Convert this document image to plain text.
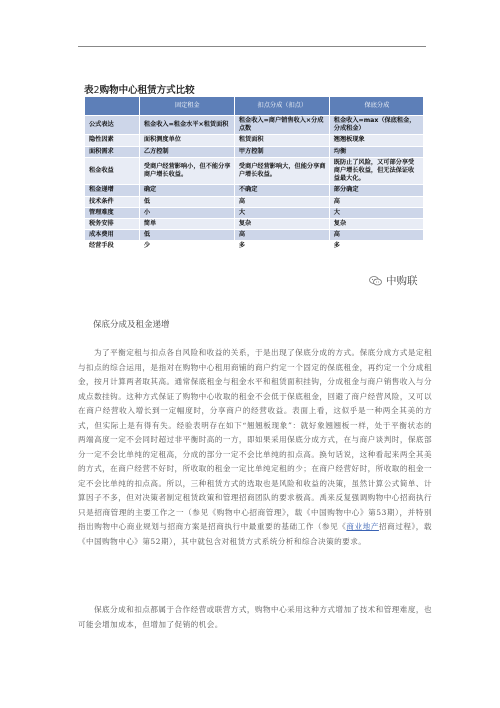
表2购物中心租赁方式比较
	固定租金	扣点分成（扣点）	保底分成
公式表达	租金收入=租金水平×租赁面积	租金收入=商户销售收入×分成点数	租金收入=max（保底租金，分成租金）
隐性因素	面积测度单位	租赁面积	翘翘板现象
面积需求	乙方控制	甲方控制	均衡
租金收益	受商户经营影响小，但不能分享商户增长收益。	受商户经营影响大，但能分享商户增长收益。	既防止了风险，又可部分享受商户增长收益，但无法保证收益最大化。
租金递增	确定	不确定	部分确定
技术条件	低	高	高
管理难度	小	大	大
税务安排	简单	复杂	复杂
成本费用	低	高	高
经营手段	少	多	多
中购联
保底分成及租金递增
为了平衡定租与扣点各自风险和收益的关系，于是出现了保底分成的方式。保底分成方式是定租与扣点的综合运用，是指对在购物中心租用商铺的商户约定一个固定的保底租金，再约定一个分成租金，按月计算两者取其高。通常保底租金与租金水平和租赁面积挂钩，分成租金与商户销售收入与分成点数挂钩。这种方式保证了购物中心收取的租金不会低于保底租金，回避了商户经营风险，又可以在商户经营收入增长到一定幅度时，分享商户的经营收益。表面上看，这似乎是一种两全其美的方式，但实际上是有得有失。经验表明存在如下“翘翘板现象”：就好象翘翘板一样，处于平衡状态的两端高度一定不会同时超过非平衡时高的一方，即如果采用保底分成方式，在与商户谈判时，保底部分一定不会比单纯的定租高，分成的部分一定不会比单纯的扣点高。换句话说，这种看起来两全其美的方式，在商户经营不好时，所收取的租金一定比单纯定租的少；在商户经营好时，所收取的租金一定不会比单纯的扣点高。所以，三种租赁方式的选取也是风险和收益的决策，虽然计算公式简单、计算因子不多，但对决策者制定租赁政策和管理招商团队的要求极高。禹来反复强调购物中心招商执行只是招商管理的主要工作之一（参见《购物中心招商管理》，载《中国购物中心》第53期），并特别指出购物中心商业规划与招商方案是招商执行中最重要的基础工作（参见《商业地产招商过程》，载《中国购物中心》第52期），其中就包含对租赁方式系统分析和综合决策的要求。
保底分成和扣点都属于合作经营或联营方式，购物中心采用这种方式增加了技术和管理难度，也可能会增加成本，但增加了促销的机会。
